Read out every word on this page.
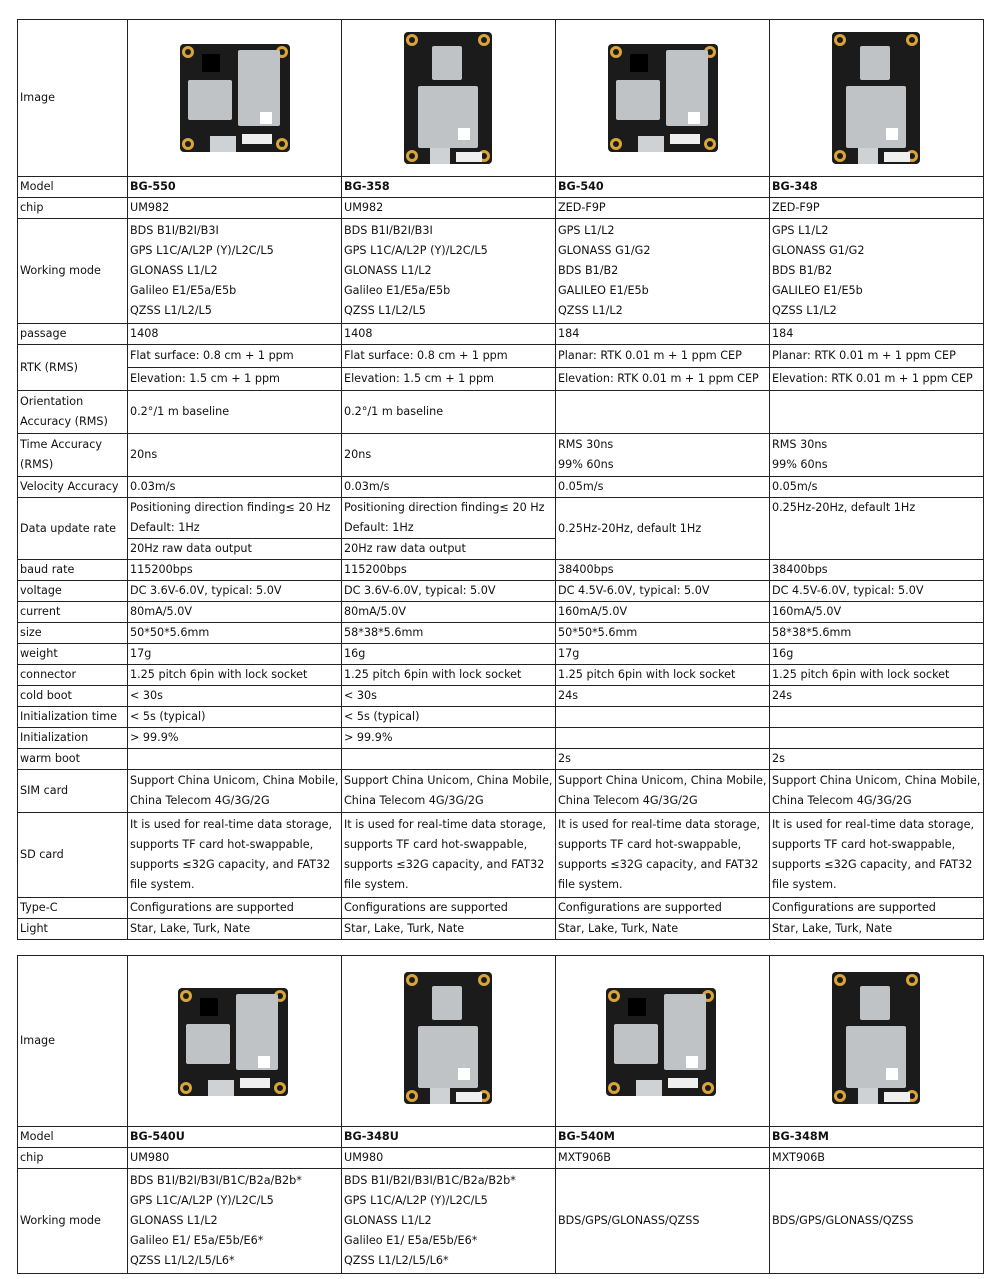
Image

Model	BG-550	BG-358	BG-540	BG-348

chip	UM982	UM982	ZED-F9P	ZED-F9P

Working mode	BDS B1I/B2I/B3I
GPS L1C/A/L2P (Y)/L2C/L5
GLONASS L1/L2
Galileo E1/E5a/E5b
QZSS L1/L2/L5	BDS B1I/B2I/B3I
GPS L1C/A/L2P (Y)/L2C/L5
GLONASS L1/L2
Galileo E1/E5a/E5b
QZSS L1/L2/L5	GPS L1/L2
GLONASS G1/G2
BDS B1/B2
GALILEO E1/E5b
QZSS L1/L2	GPS L1/L2
GLONASS G1/G2
BDS B1/B2
GALILEO E1/E5b
QZSS L1/L2

passage	1408	1408	184	184

RTK (RMS)	Flat surface: 0.8 cm + 1 ppm	Flat surface: 0.8 cm + 1 ppm	Planar: RTK 0.01 m + 1 ppm CEP	Planar: RTK 0.01 m + 1 ppm CEP

	Elevation: 1.5 cm + 1 ppm	Elevation: 1.5 cm + 1 ppm	Elevation: RTK 0.01 m + 1 ppm CEP	Elevation: RTK 0.01 m + 1 ppm CEP

Orientation
Accuracy (RMS)	0.2°/1 m baseline	0.2°/1 m baseline		

Time Accuracy
(RMS)	20ns	20ns	RMS 30ns
99% 60ns	RMS 30ns
99% 60ns

Velocity Accuracy	0.03m/s	0.03m/s	0.05m/s	0.05m/s

Data update rate	Positioning direction finding≤ 20 Hz
Default: 1Hz	Positioning direction finding≤ 20 Hz
Default: 1Hz	0.25Hz-20Hz, default 1Hz	0.25Hz-20Hz, default 1Hz

	20Hz raw data output	20Hz raw data output		

baud rate	115200bps	115200bps	38400bps	38400bps

voltage	DC 3.6V-6.0V, typical: 5.0V	DC 3.6V-6.0V, typical: 5.0V	DC 4.5V-6.0V, typical: 5.0V	DC 4.5V-6.0V, typical: 5.0V

current	80mA/5.0V	80mA/5.0V	160mA/5.0V	160mA/5.0V

size	50*50*5.6mm	58*38*5.6mm	50*50*5.6mm	58*38*5.6mm

weight	17g	16g	17g	16g

connector	1.25 pitch 6pin with lock socket	1.25 pitch 6pin with lock socket	1.25 pitch 6pin with lock socket	1.25 pitch 6pin with lock socket

cold boot	< 30s	< 30s	24s	24s

Initialization time	< 5s (typical)	< 5s (typical)		

Initialization	> 99.9%	> 99.9%		

warm boot			2s	2s

SIM card	Support China Unicom, China Mobile,
China Telecom 4G/3G/2G	Support China Unicom, China Mobile,
China Telecom 4G/3G/2G	Support China Unicom, China Mobile,
China Telecom 4G/3G/2G	Support China Unicom, China Mobile,
China Telecom 4G/3G/2G

SD card	It is used for real-time data storage,
supports TF card hot-swappable,
supports ≤32G capacity, and FAT32
file system.	It is used for real-time data storage,
supports TF card hot-swappable,
supports ≤32G capacity, and FAT32
file system.	It is used for real-time data storage,
supports TF card hot-swappable,
supports ≤32G capacity, and FAT32
file system.	It is used for real-time data storage,
supports TF card hot-swappable,
supports ≤32G capacity, and FAT32
file system.

Type-C	Configurations are supported	Configurations are supported	Configurations are supported	Configurations are supported

Light	Star, Lake, Turk, Nate	Star, Lake, Turk, Nate	Star, Lake, Turk, Nate	Star, Lake, Turk, Nate
Image

Model	BG-540U	BG-348U	BG-540M	BG-348M

chip	UM980	UM980	MXT906B	MXT906B

Working mode	BDS B1I/B2I/B3I/B1C/B2a/B2b*
GPS L1C/A/L2P (Y)/L2C/L5
GLONASS L1/L2
Galileo E1/ E5a/E5b/E6*
QZSS L1/L2/L5/L6*	BDS B1I/B2I/B3I/B1C/B2a/B2b*
GPS L1C/A/L2P (Y)/L2C/L5
GLONASS L1/L2
Galileo E1/ E5a/E5b/E6*
QZSS L1/L2/L5/L6*	BDS/GPS/GLONASS/QZSS	BDS/GPS/GLONASS/QZSS
